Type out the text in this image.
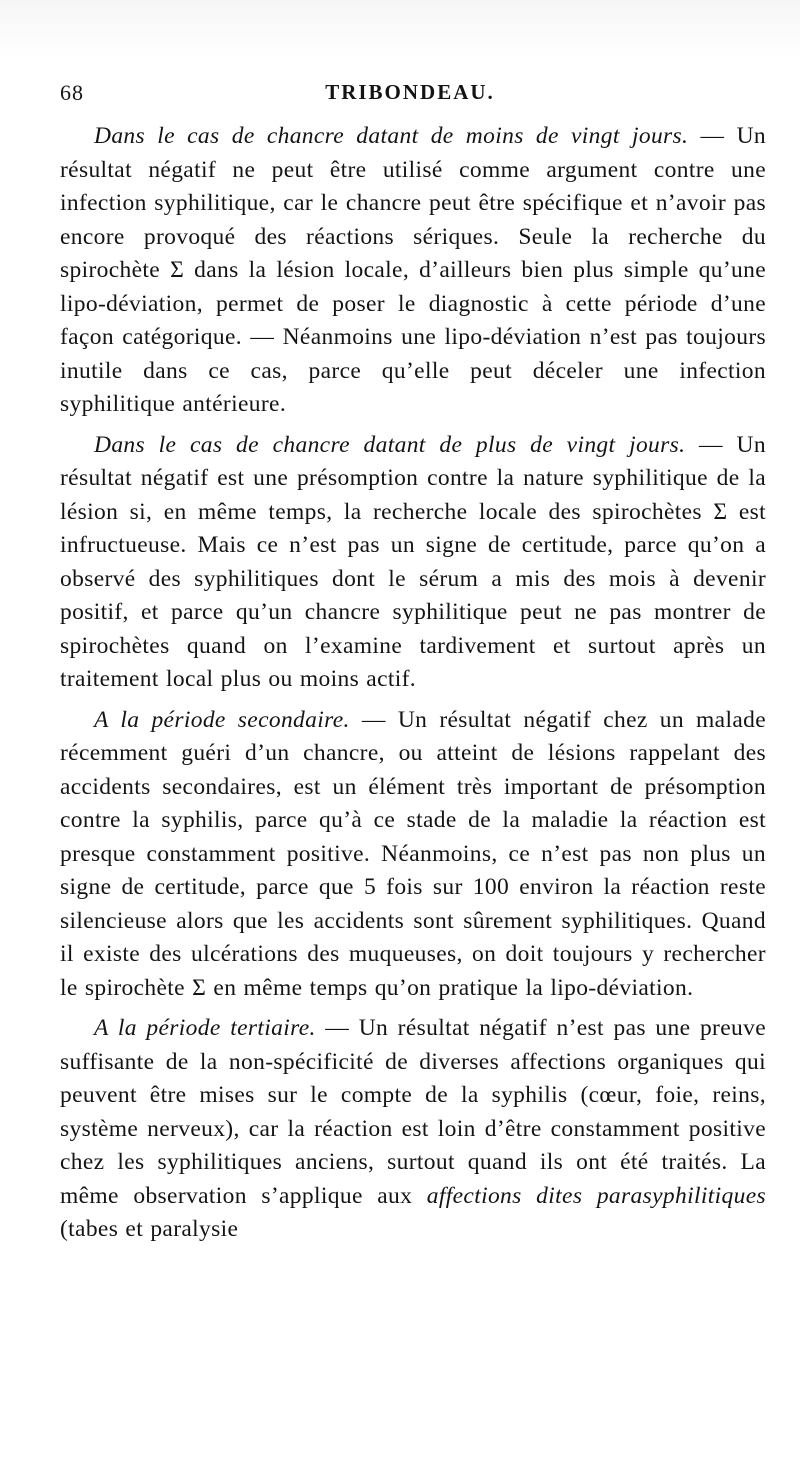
68	TRIBONDEAU.

Dans le cas de chancre datant de moins de vingt jours. — Un résultat négatif ne peut être utilisé comme argument contre une infection syphilitique, car le chancre peut être spécifique et n’avoir pas encore provoqué des réactions sériques. Seule la recherche du spirochète Σ dans la lésion locale, d’ailleurs bien plus simple qu’une lipo-déviation, permet de poser le diagnostic à cette période d’une façon catégorique. — Néanmoins une lipo-déviation n’est pas toujours inutile dans ce cas, parce qu’elle peut déceler une infection syphilitique antérieure.

Dans le cas de chancre datant de plus de vingt jours. — Un résultat négatif est une présomption contre la nature syphilitique de la lésion si, en même temps, la recherche locale des spirochètes Σ est infructueuse. Mais ce n’est pas un signe de certitude, parce qu’on a observé des syphilitiques dont le sérum a mis des mois à devenir positif, et parce qu’un chancre syphilitique peut ne pas montrer de spirochètes quand on l’examine tardivement et surtout après un traitement local plus ou moins actif.

A la période secondaire. — Un résultat négatif chez un malade récemment guéri d’un chancre, ou atteint de lésions rappelant des accidents secondaires, est un élément très important de présomption contre la syphilis, parce qu’à ce stade de la maladie la réaction est presque constamment positive. Néanmoins, ce n’est pas non plus un signe de certitude, parce que 5 fois sur 100 environ la réaction reste silencieuse alors que les accidents sont sûrement syphilitiques. Quand il existe des ulcérations des muqueuses, on doit toujours y rechercher le spirochète Σ en même temps qu’on pratique la lipo-déviation.

A la période tertiaire. — Un résultat négatif n’est pas une preuve suffisante de la non-spécificité de diverses affections organiques qui peuvent être mises sur le compte de la syphilis (cœur, foie, reins, système nerveux), car la réaction est loin d’être constamment positive chez les syphilitiques anciens, surtout quand ils ont été traités. La même observation s’applique aux affections dites parasyphilitiques (tabes et paralysie
